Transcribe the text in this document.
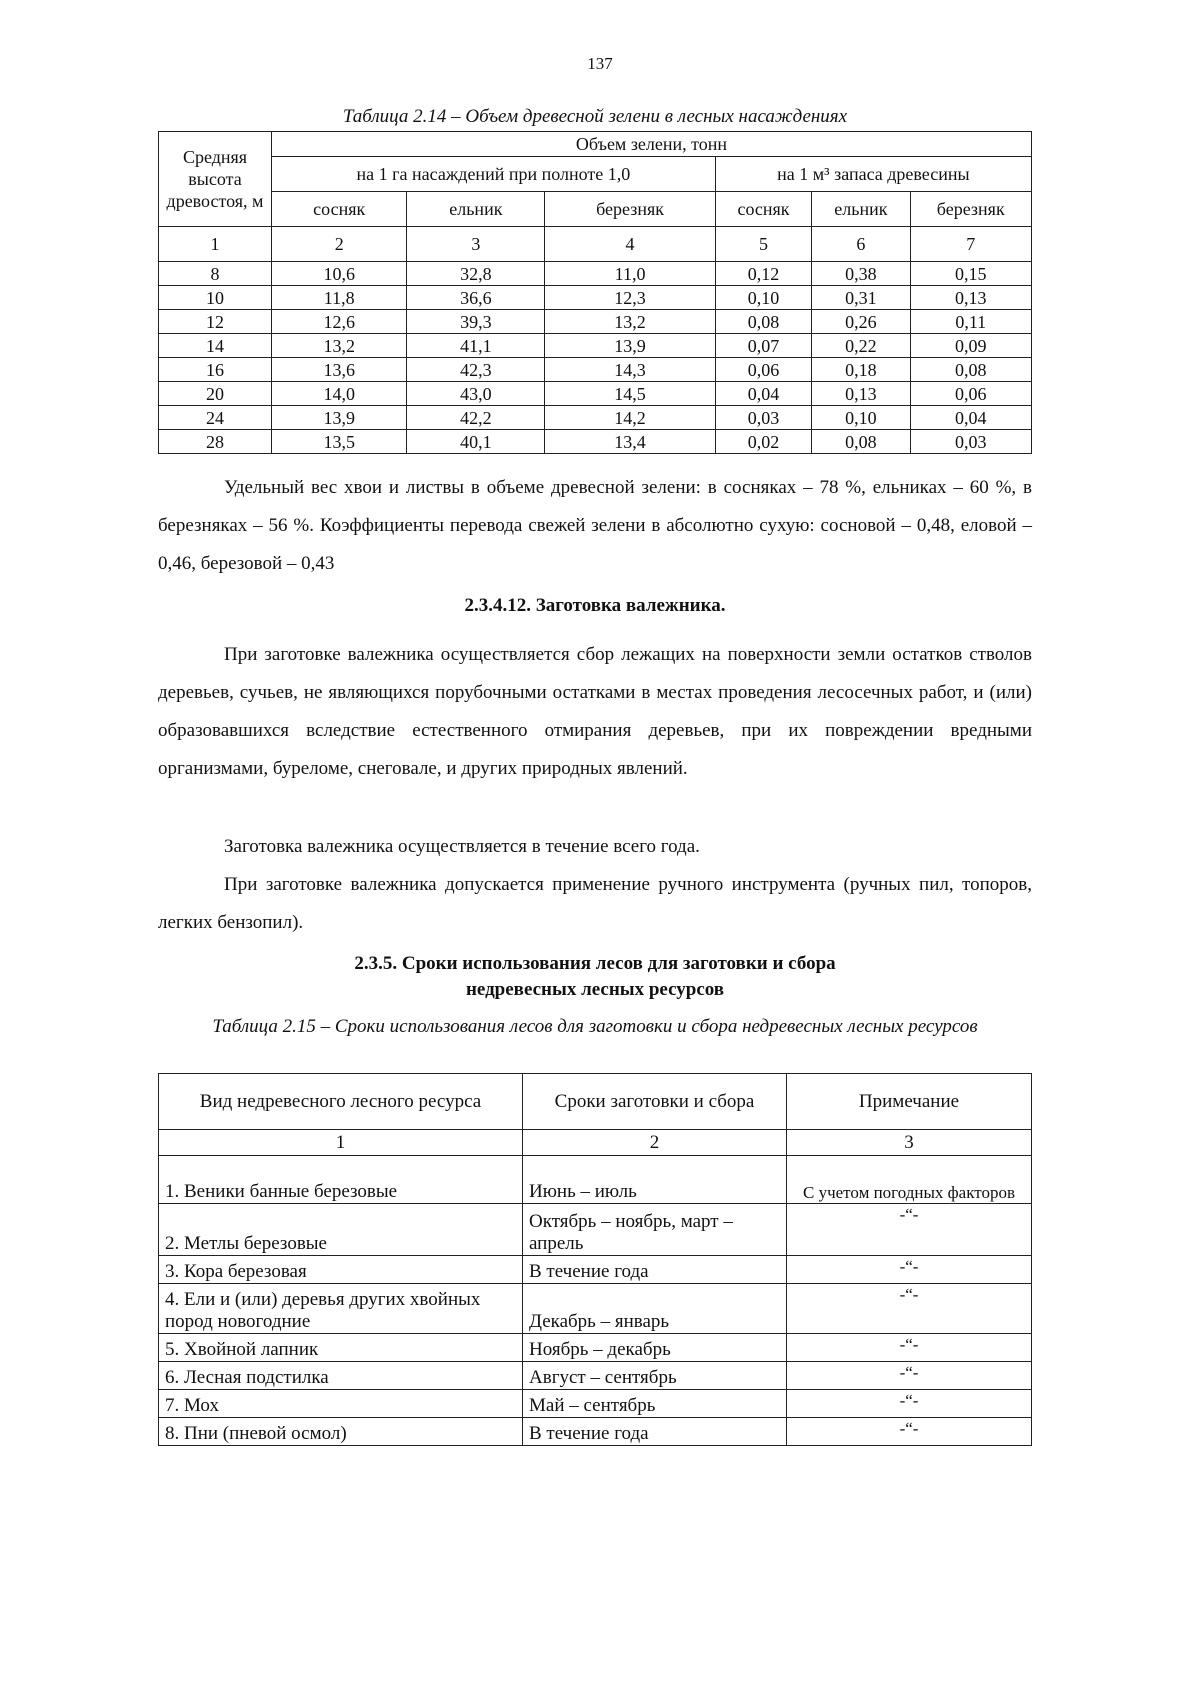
137
Таблица 2.14 – Объем древесной зелени в лесных насаждениях
Средняя высота древостоя, м	Объем зелени, тонн					
	на 1 га насаждений при полноте 1,0			на 1 м³ запаса древесины		
	сосняк	ельник	березняк	сосняк	ельник	березняк
1	2	3	4	5	6	7
8	10,6	32,8	11,0	0,12	0,38	0,15
10	11,8	36,6	12,3	0,10	0,31	0,13
12	12,6	39,3	13,2	0,08	0,26	0,11
14	13,2	41,1	13,9	0,07	0,22	0,09
16	13,6	42,3	14,3	0,06	0,18	0,08
20	14,0	43,0	14,5	0,04	0,13	0,06
24	13,9	42,2	14,2	0,03	0,10	0,04
28	13,5	40,1	13,4	0,02	0,08	0,03
Удельный вес хвои и листвы в объеме древесной зелени: в сосняках – 78 %, ельниках – 60 %, в березняках – 56 %. Коэффициенты перевода свежей зелени в абсолютно сухую: сосновой – 0,48, еловой – 0,46, березовой – 0,43
2.3.4.12. Заготовка валежника.
При заготовке валежника осуществляется сбор лежащих на поверхности земли остатков стволов деревьев, сучьев, не являющихся порубочными остатками в местах проведения лесосечных работ, и (или) образовавшихся вследствие естественного отмирания деревьев, при их повреждении вредными организмами, буреломе, снеговале, и других природных явлений.
Заготовка валежника осуществляется в течение всего года.
При заготовке валежника допускается применение ручного инструмента (ручных пил, топоров, легких бензопил).
2.3.5. Сроки использования лесов для заготовки и сбора
недревесных лесных ресурсов
Таблица 2.15 – Сроки использования лесов для заготовки и сбора недревесных лесных ресурсов
Вид недревесного лесного ресурса	Сроки заготовки и сбора	Примечание
1	2	3
1. Веники банные березовые	Июнь – июль	С учетом погодных факторов
2. Метлы березовые	Октябрь – ноябрь, март – апрель	-“-
3. Кора березовая	В течение года	-“-
4. Ели и (или) деревья других хвойных пород новогодние	Декабрь – январь	-“-
5. Хвойной лапник	Ноябрь – декабрь	-“-
6. Лесная подстилка	Август – сентябрь	-“-
7. Мох	Май – сентябрь	-“-
8. Пни (пневой осмол)	В течение года	-“-
